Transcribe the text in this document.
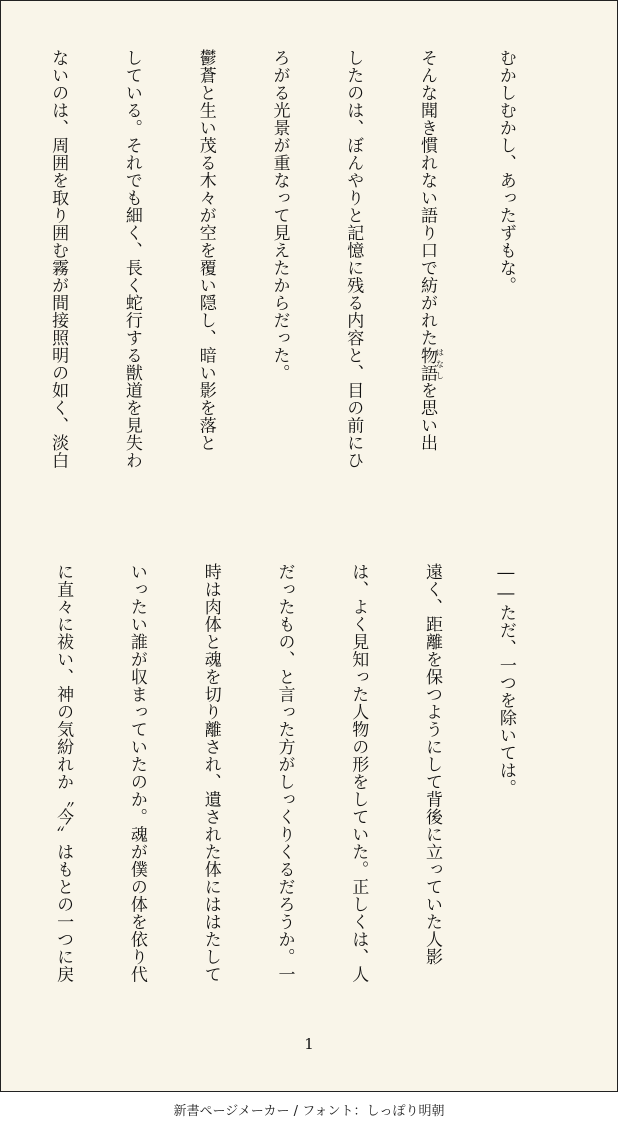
むかしむかし、あったずもな。

そんな聞き慣れない語り口で紡がれた物語はなしを思い出

したのは、ぼんやりと記憶に残る内容と、目の前にひ

ろがる光景が重なって見えたからだった。

鬱蒼と生い茂る木々が空を覆い隠し、暗い影を落と

している。それでも細く、長く蛇行する獣道を見失わ

ないのは、周囲を取り囲む霧が間接照明の如く、淡白

――ただ、一つを除いては。

遠く、距離を保つようにして背後に立っていた人影

は、よく見知った人物の形をしていた。正しくは、人

だったもの、と言った方がしっくりくるだろうか。一

時は肉体と魂を切り離され、遺された体にははたして

いったい誰が収まっていたのか。魂が僕の体を依り代

に直々に祓い、神の気紛れか〝今〟はもとの一つに戻

1
新書ページメーカー / フォント：しっぽり明朝
